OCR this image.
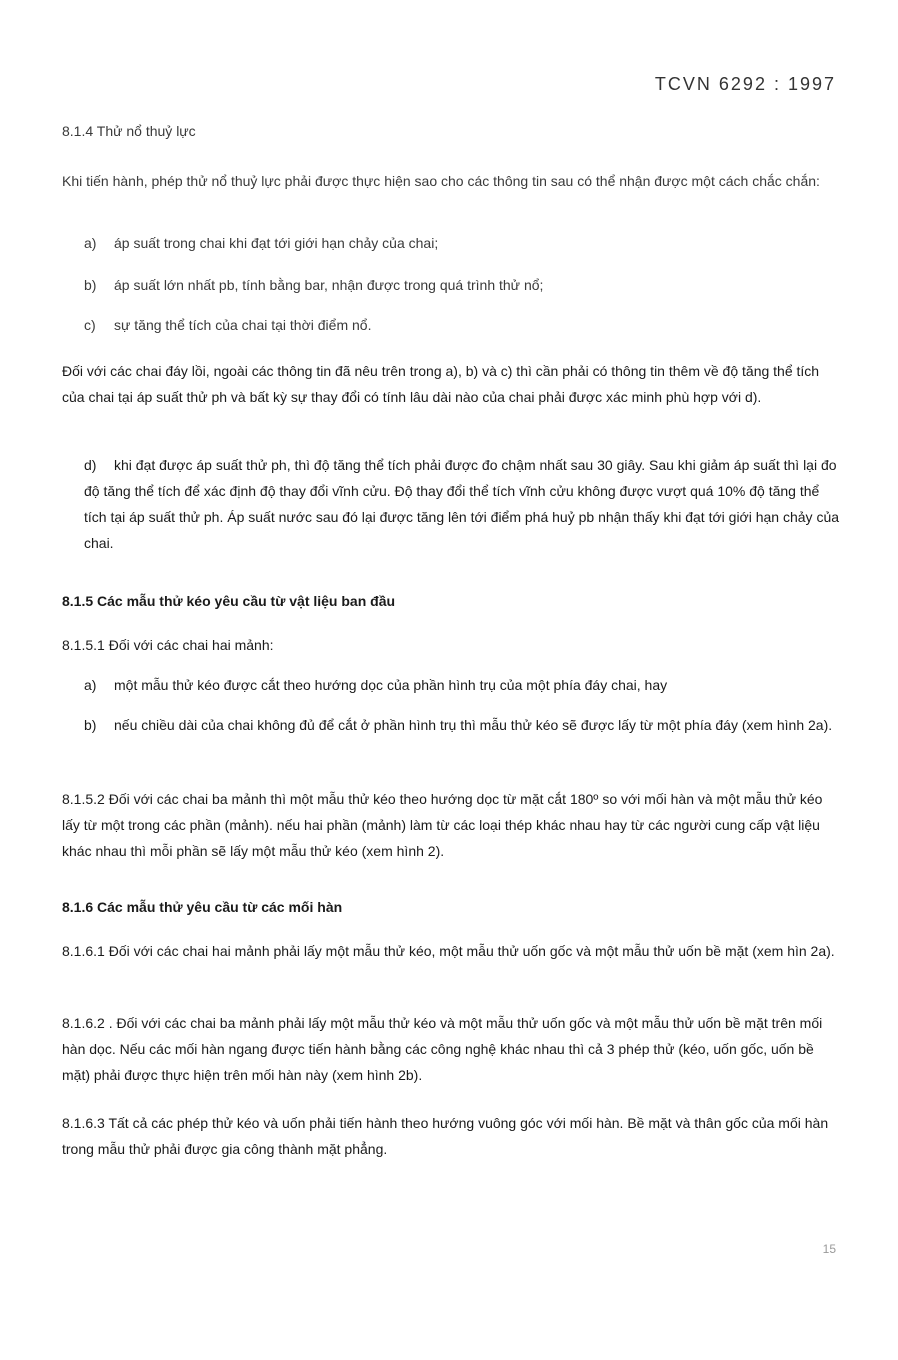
TCVN 6292 : 1997
8.1.4 Thử nổ thuỷ lực
Khi tiến hành, phép thử nổ thuỷ lực phải được thực hiện sao cho các thông tin sau có thể nhận được một cách chắc chắn:
a) áp suất trong chai khi đạt tới giới hạn chảy của chai;
b) áp suất lớn nhất pb, tính bằng bar, nhận được trong quá trình thử nổ;
c) sự tăng thể tích của chai tại thời điểm nổ.
Đối với các chai đáy lồi, ngoài các thông tin đã nêu trên trong a), b) và c) thì cần phải có thông tin thêm về độ tăng thể tích của chai tại áp suất thử ph và bất kỳ sự thay đổi có tính lâu dài nào của chai phải được xác minh phù hợp với d).
d) khi đạt được áp suất thử ph, thì độ tăng thể tích phải được đo chậm nhất sau 30 giây. Sau khi giảm áp suất thì lại đo độ tăng thể tích để xác định độ thay đổi vĩnh cửu. Độ thay đổi thể tích vĩnh cửu không được vượt quá 10% độ tăng thể tích tại áp suất thử ph. Áp suất nước sau đó lại được tăng lên tới điểm phá huỷ pb nhận thấy khi đạt tới giới hạn chảy của chai.
8.1.5 Các mẫu thử kéo yêu cầu từ vật liệu ban đầu
8.1.5.1 Đối với các chai hai mảnh:
a) một mẫu thử kéo được cắt theo hướng dọc của phần hình trụ của một phía đáy chai, hay
b) nếu chiều dài của chai không đủ để cắt ở phần hình trụ thì mẫu thử kéo sẽ được lấy từ một phía đáy (xem hình 2a).
8.1.5.2 Đối với các chai ba mảnh thì một mẫu thử kéo theo hướng dọc từ mặt cắt 180º so với mối hàn và một mẫu thử kéo lấy từ một trong các phần (mảnh). nếu hai phần (mảnh) làm từ các loại thép khác nhau hay từ các người cung cấp vật liệu khác nhau thì mỗi phần sẽ lấy một mẫu thử kéo (xem hình 2).
8.1.6 Các mẫu thử yêu cầu từ các mối hàn
8.1.6.1 Đối với các chai hai mảnh phải lấy một mẫu thử kéo, một mẫu thử uốn gốc và một mẫu thử uốn bề mặt (xem hìn 2a).
8.1.6.2 . Đối với các chai ba mảnh phải lấy một mẫu thử kéo và một mẫu thử uốn gốc và một mẫu thử uốn bề mặt trên mối hàn dọc. Nếu các mối hàn ngang được tiến hành bằng các công nghệ khác nhau thì cả 3 phép thử (kéo, uốn gốc, uốn bề mặt) phải được thực hiện trên mối hàn này (xem hình 2b).
8.1.6.3 Tất cả các phép thử kéo và uốn phải tiến hành theo hướng vuông góc với mối hàn. Bề mặt và thân gốc của mối hàn trong mẫu thử phải được gia công thành mặt phẳng.
15
